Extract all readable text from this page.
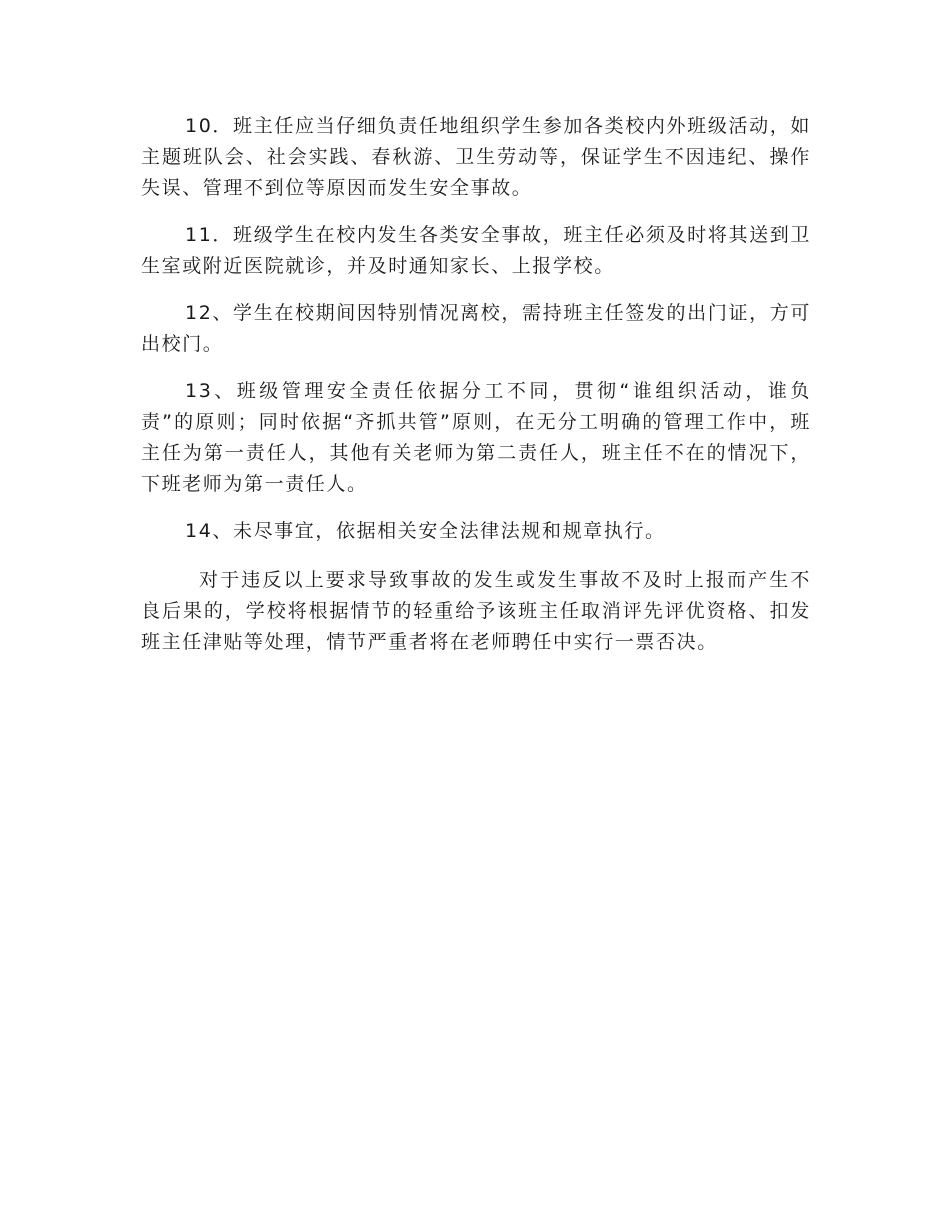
10．班主任应当仔细负责任地组织学生参加各类校内外班级活动，如主题班队会、社会实践、春秋游、卫生劳动等，保证学生不因违纪、操作失误、管理不到位等原因而发生安全事故。

11．班级学生在校内发生各类安全事故，班主任必须及时将其送到卫生室或附近医院就诊，并及时通知家长、上报学校。

12、学生在校期间因特别情况离校，需持班主任签发的出门证，方可出校门。

13、班级管理安全责任依据分工不同，贯彻“谁组织活动，谁负责”的原则；同时依据“齐抓共管”原则，在无分工明确的管理工作中，班主任为第一责任人，其他有关老师为第二责任人，班主任不在的情况下，下班老师为第一责任人。

14、未尽事宜，依据相关安全法律法规和规章执行。

对于违反以上要求导致事故的发生或发生事故不及时上报而产生不良后果的，学校将根据情节的轻重给予该班主任取消评先评优资格、扣发班主任津贴等处理，情节严重者将在老师聘任中实行一票否决。
